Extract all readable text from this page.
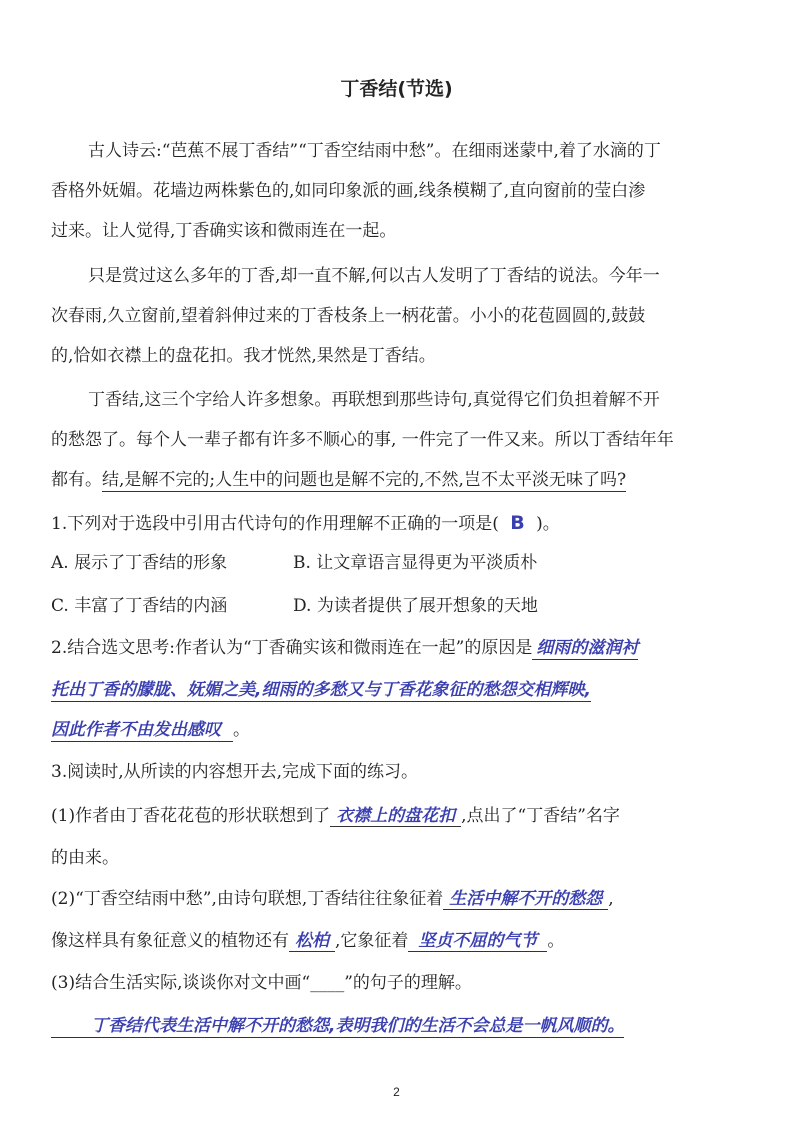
丁香结(节选)
古人诗云:“芭蕉不展丁香结”“丁香空结雨中愁”。在细雨迷蒙中,着了水滴的丁
香格外妩媚。花墙边两株紫色的,如同印象派的画,线条模糊了,直向窗前的莹白渗
过来。让人觉得,丁香确实该和微雨连在一起。
只是赏过这么多年的丁香,却一直不解,何以古人发明了丁香结的说法。今年一
次春雨,久立窗前,望着斜伸过来的丁香枝条上一柄花蕾。小小的花苞圆圆的,鼓鼓
的,恰如衣襟上的盘花扣。我才恍然,果然是丁香结。
丁香结,这三个字给人许多想象。再联想到那些诗句,真觉得它们负担着解不开
的愁怨了。每个人一辈子都有许多不顺心的事, 一件完了一件又来。所以丁香结年年
都有。结,是解不完的;人生中的问题也是解不完的,不然,岂不太平淡无味了吗?
1.下列对于选段中引用古代诗句的作用理解不正确的一项是( B )。
A. 展示了丁香结的形象	B. 让文章语言显得更为平淡质朴
C. 丰富了丁香结的内涵	D. 为读者提供了展开想象的天地
2.结合选文思考:作者认为“丁香确实该和微雨连在一起”的原因是 细雨的滋润衬
托出丁香的朦胧、妩媚之美,细雨的多愁又与丁香花象征的愁怨交相辉映,
因此作者不由发出感叹 。
3.阅读时,从所读的内容想开去,完成下面的练习。
(1)作者由丁香花花苞的形状联想到了 衣襟上的盘花扣 ,点出了“丁香结”名字
的由来。
(2)“丁香空结雨中愁”,由诗句联想,丁香结往往象征着 生活中解不开的愁怨 ,
像这样具有象征意义的植物还有 松柏 ,它象征着 坚贞不屈的气节 。
(3)结合生活实际,谈谈你对文中画“____”的句子的理解。
丁香结代表生活中解不开的愁怨,表明我们的生活不会总是一帆风顺的。
2
